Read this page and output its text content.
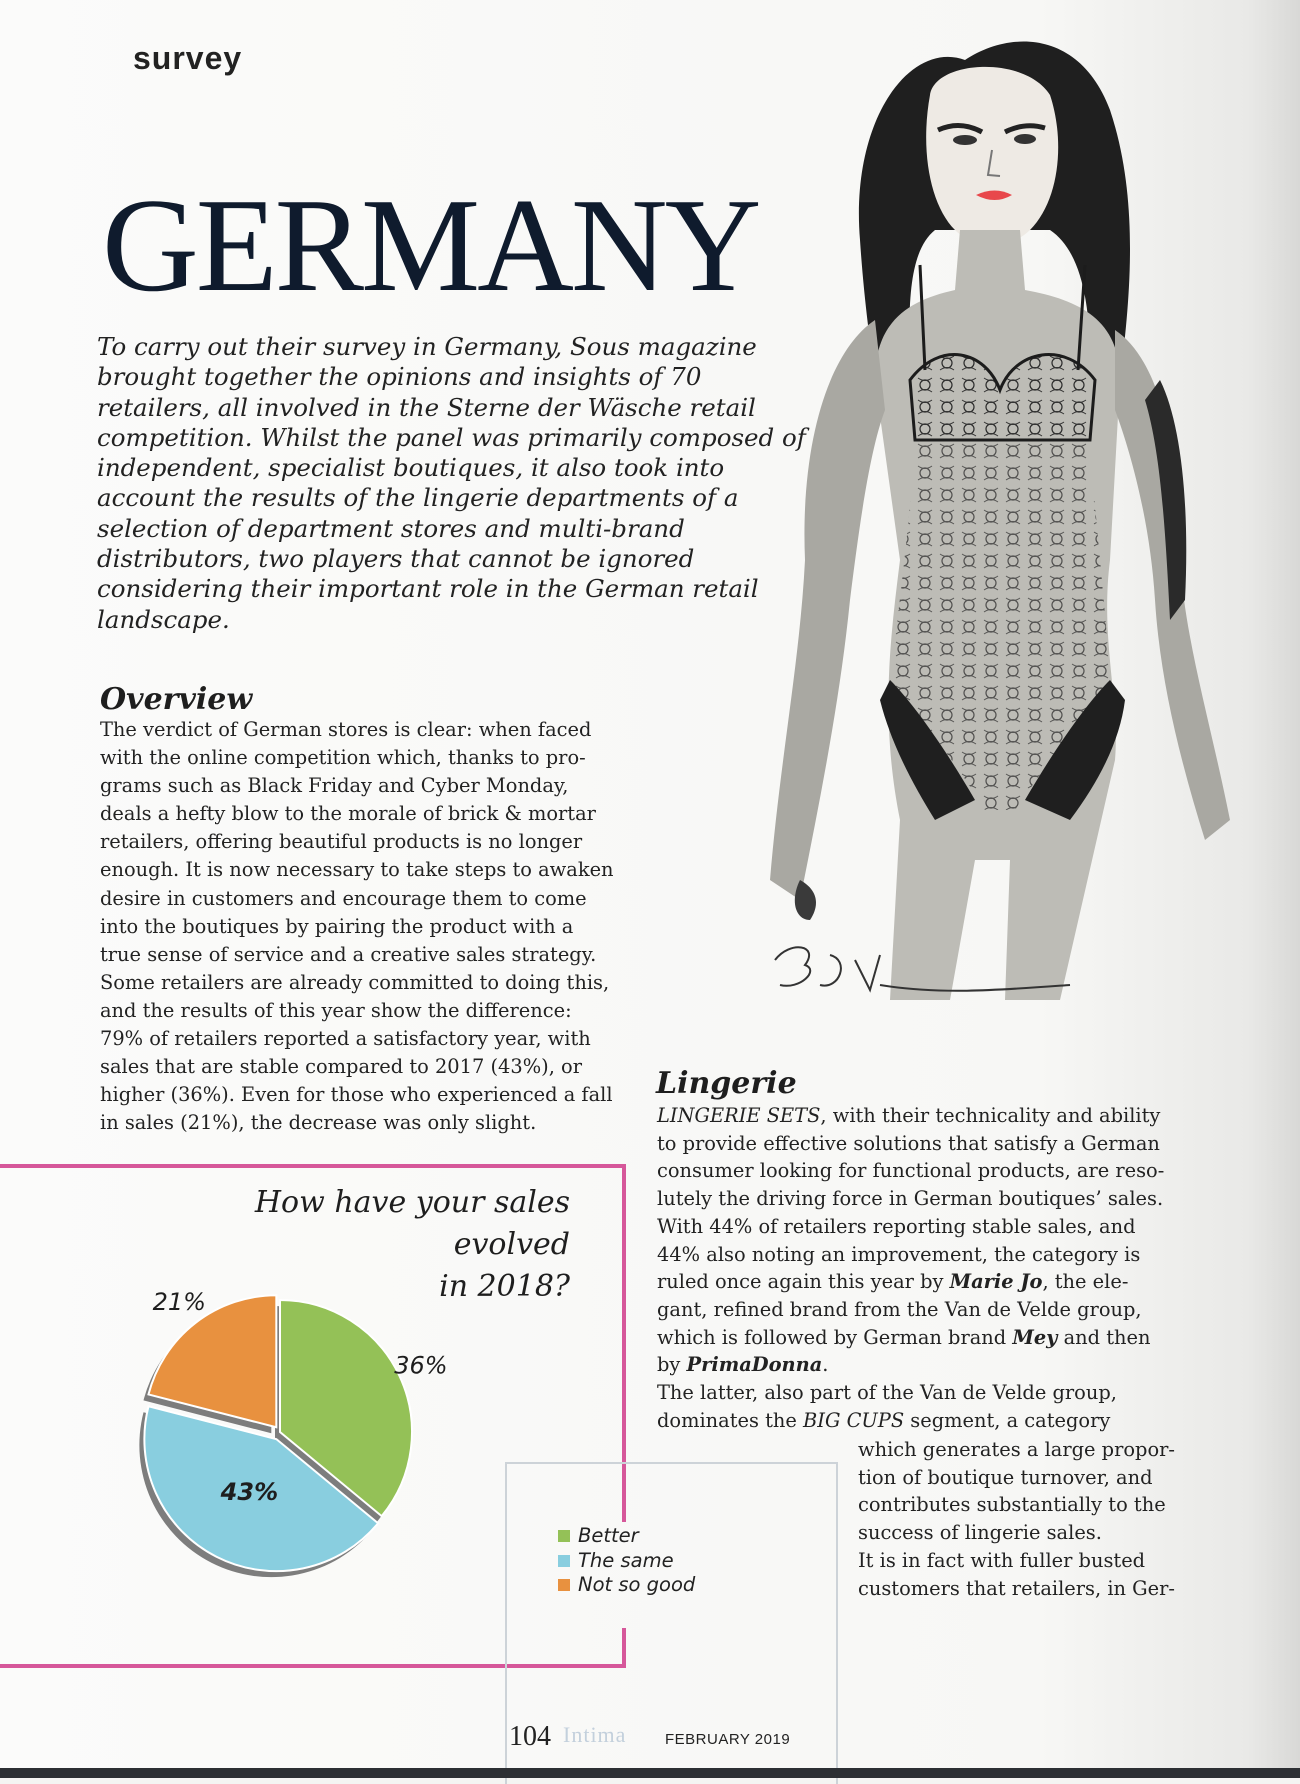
survey
GERMANY
To carry out their survey in Germany, Sous magazine
brought together the opinions and insights of 70
retailers, all involved in the Sterne der Wäsche retail
competition. Whilst the panel was primarily composed of
independent, specialist boutiques, it also took into
account the results of the lingerie departments of a
selection of department stores and multi-brand
distributors, two players that cannot be ignored
considering their important role in the German retail
landscape.
Overview
The verdict of German stores is clear: when faced
with the online competition which, thanks to pro-
grams such as Black Friday and Cyber Monday,
deals a hefty blow to the morale of brick & mortar
retailers, offering beautiful products is no longer
enough. It is now necessary to take steps to awaken
desire in customers and encourage them to come
into the boutiques by pairing the product with a
true sense of service and a creative sales strategy.
Some retailers are already committed to doing this,
and the results of this year show the difference:
79% of retailers reported a satisfactory year, with
sales that are stable compared to 2017 (43%), or
higher (36%). Even for those who experienced a fall
in sales (21%), the decrease was only slight.
Lingerie
LINGERIE SETS, with their technicality and ability
to provide effective solutions that satisfy a German
consumer looking for functional products, are reso-
lutely the driving force in German boutiques’ sales.
With 44% of retailers reporting stable sales, and
44% also noting an improvement, the category is
ruled once again this year by Marie Jo, the ele-
gant, refined brand from the Van de Velde group,
which is followed by German brand Mey and then
by PrimaDonna.
The latter, also part of the Van de Velde group,
dominates the BIG CUPS segment, a category
which generates a large propor-
tion of boutique turnover, and
contributes substantially to the
success of lingerie sales.
It is in fact with fuller busted
customers that retailers, in Ger-
How have your sales evolved
in 2018?
36%
43%
21%
Better
The same
Not so good
104 Intima	FEBRUARY 2019
